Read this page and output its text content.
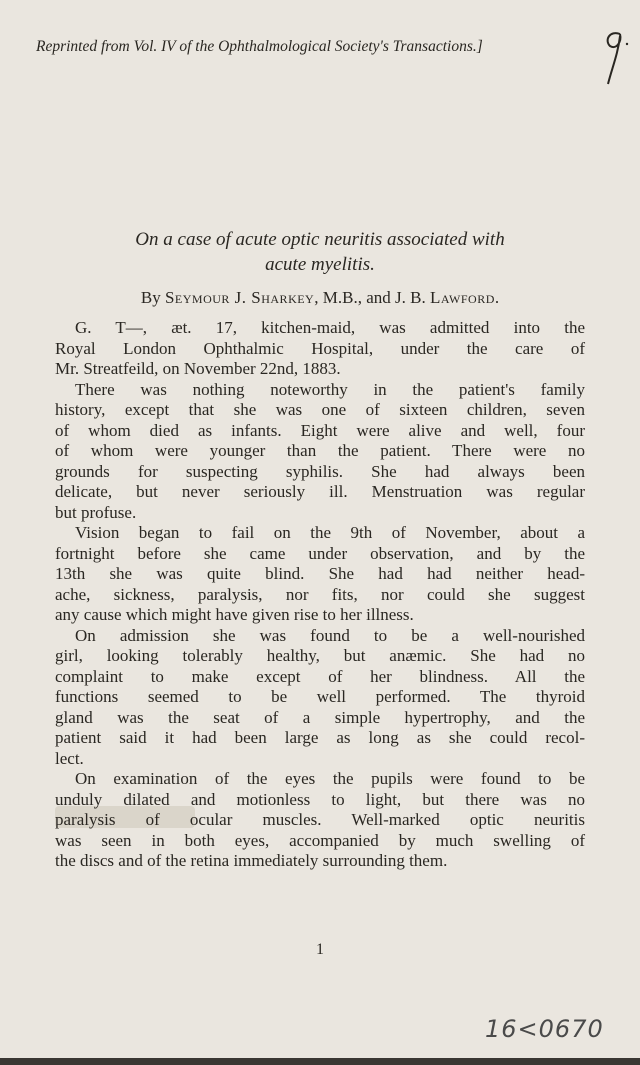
Reprinted from Vol. IV of the Ophthalmological Society's Transactions.]
On a case of acute optic neuritis associated with
acute myelitis.
By Seymour J. Sharkey, M.B., and J. B. Lawford.
G. T—, æt. 17, kitchen-maid, was admitted into the
Royal London Ophthalmic Hospital, under the care of
Mr. Streatfeild, on November 22nd, 1883.
There was nothing noteworthy in the patient's family
history, except that she was one of sixteen children, seven
of whom died as infants. Eight were alive and well, four
of whom were younger than the patient. There were no
grounds for suspecting syphilis. She had always been
delicate, but never seriously ill. Menstruation was regular
but profuse.
Vision began to fail on the 9th of November, about a
fortnight before she came under observation, and by the
13th she was quite blind. She had had neither head-
ache, sickness, paralysis, nor fits, nor could she suggest
any cause which might have given rise to her illness.
On admission she was found to be a well-nourished
girl, looking tolerably healthy, but anæmic. She had no
complaint to make except of her blindness. All the
functions seemed to be well performed. The thyroid
gland was the seat of a simple hypertrophy, and the
patient said it had been large as long as she could recol-
lect.
On examination of the eyes the pupils were found to be
unduly dilated and motionless to light, but there was no
paralysis of ocular muscles. Well-marked optic neuritis
was seen in both eyes, accompanied by much swelling of
the discs and of the retina immediately surrounding them.
1
16<0670
